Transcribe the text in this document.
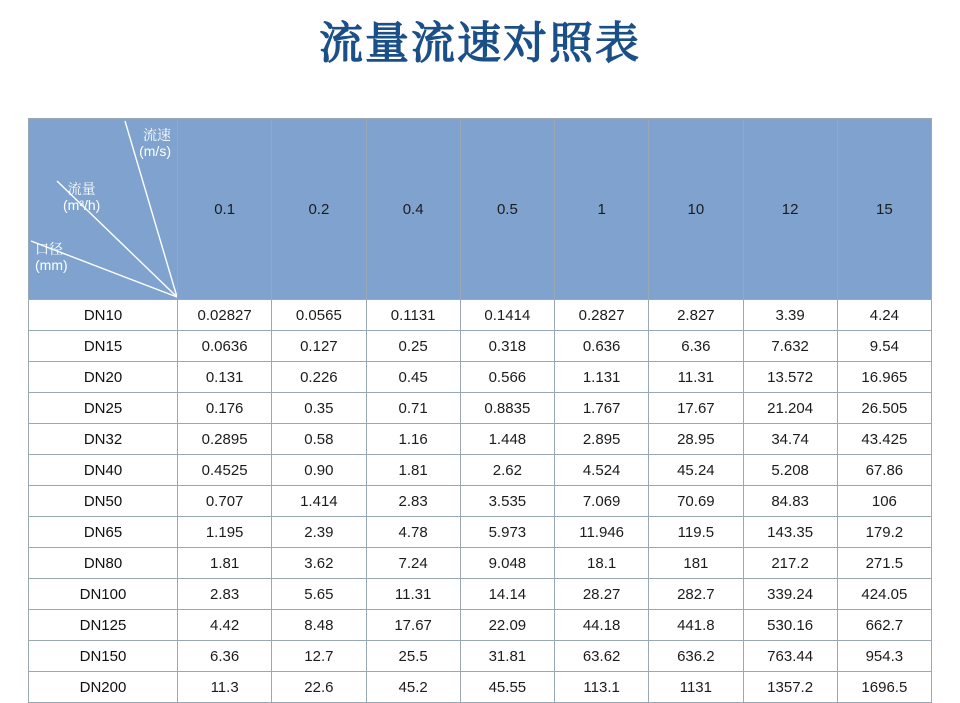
流量流速对照表
流速
(m/s)
流量
(m³/h)
口径
(mm)
	0.1	0.2	0.4	0.5	1	10	12	15
DN10	0.02827	0.0565	0.1131	0.1414	0.2827	2.827	3.39	4.24
DN15	0.0636	0.127	0.25	0.318	0.636	6.36	7.632	9.54
DN20	0.131	0.226	0.45	0.566	1.131	11.31	13.572	16.965
DN25	0.176	0.35	0.71	0.8835	1.767	17.67	21.204	26.505
DN32	0.2895	0.58	1.16	1.448	2.895	28.95	34.74	43.425
DN40	0.4525	0.90	1.81	2.62	4.524	45.24	5.208	67.86
DN50	0.707	1.414	2.83	3.535	7.069	70.69	84.83	106
DN65	1.195	2.39	4.78	5.973	11.946	119.5	143.35	179.2
DN80	1.81	3.62	7.24	9.048	18.1	181	217.2	271.5
DN100	2.83	5.65	11.31	14.14	28.27	282.7	339.24	424.05
DN125	4.42	8.48	17.67	22.09	44.18	441.8	530.16	662.7
DN150	6.36	12.7	25.5	31.81	63.62	636.2	763.44	954.3
DN200	11.3	22.6	45.2	45.55	113.1	1131	1357.2	1696.5
